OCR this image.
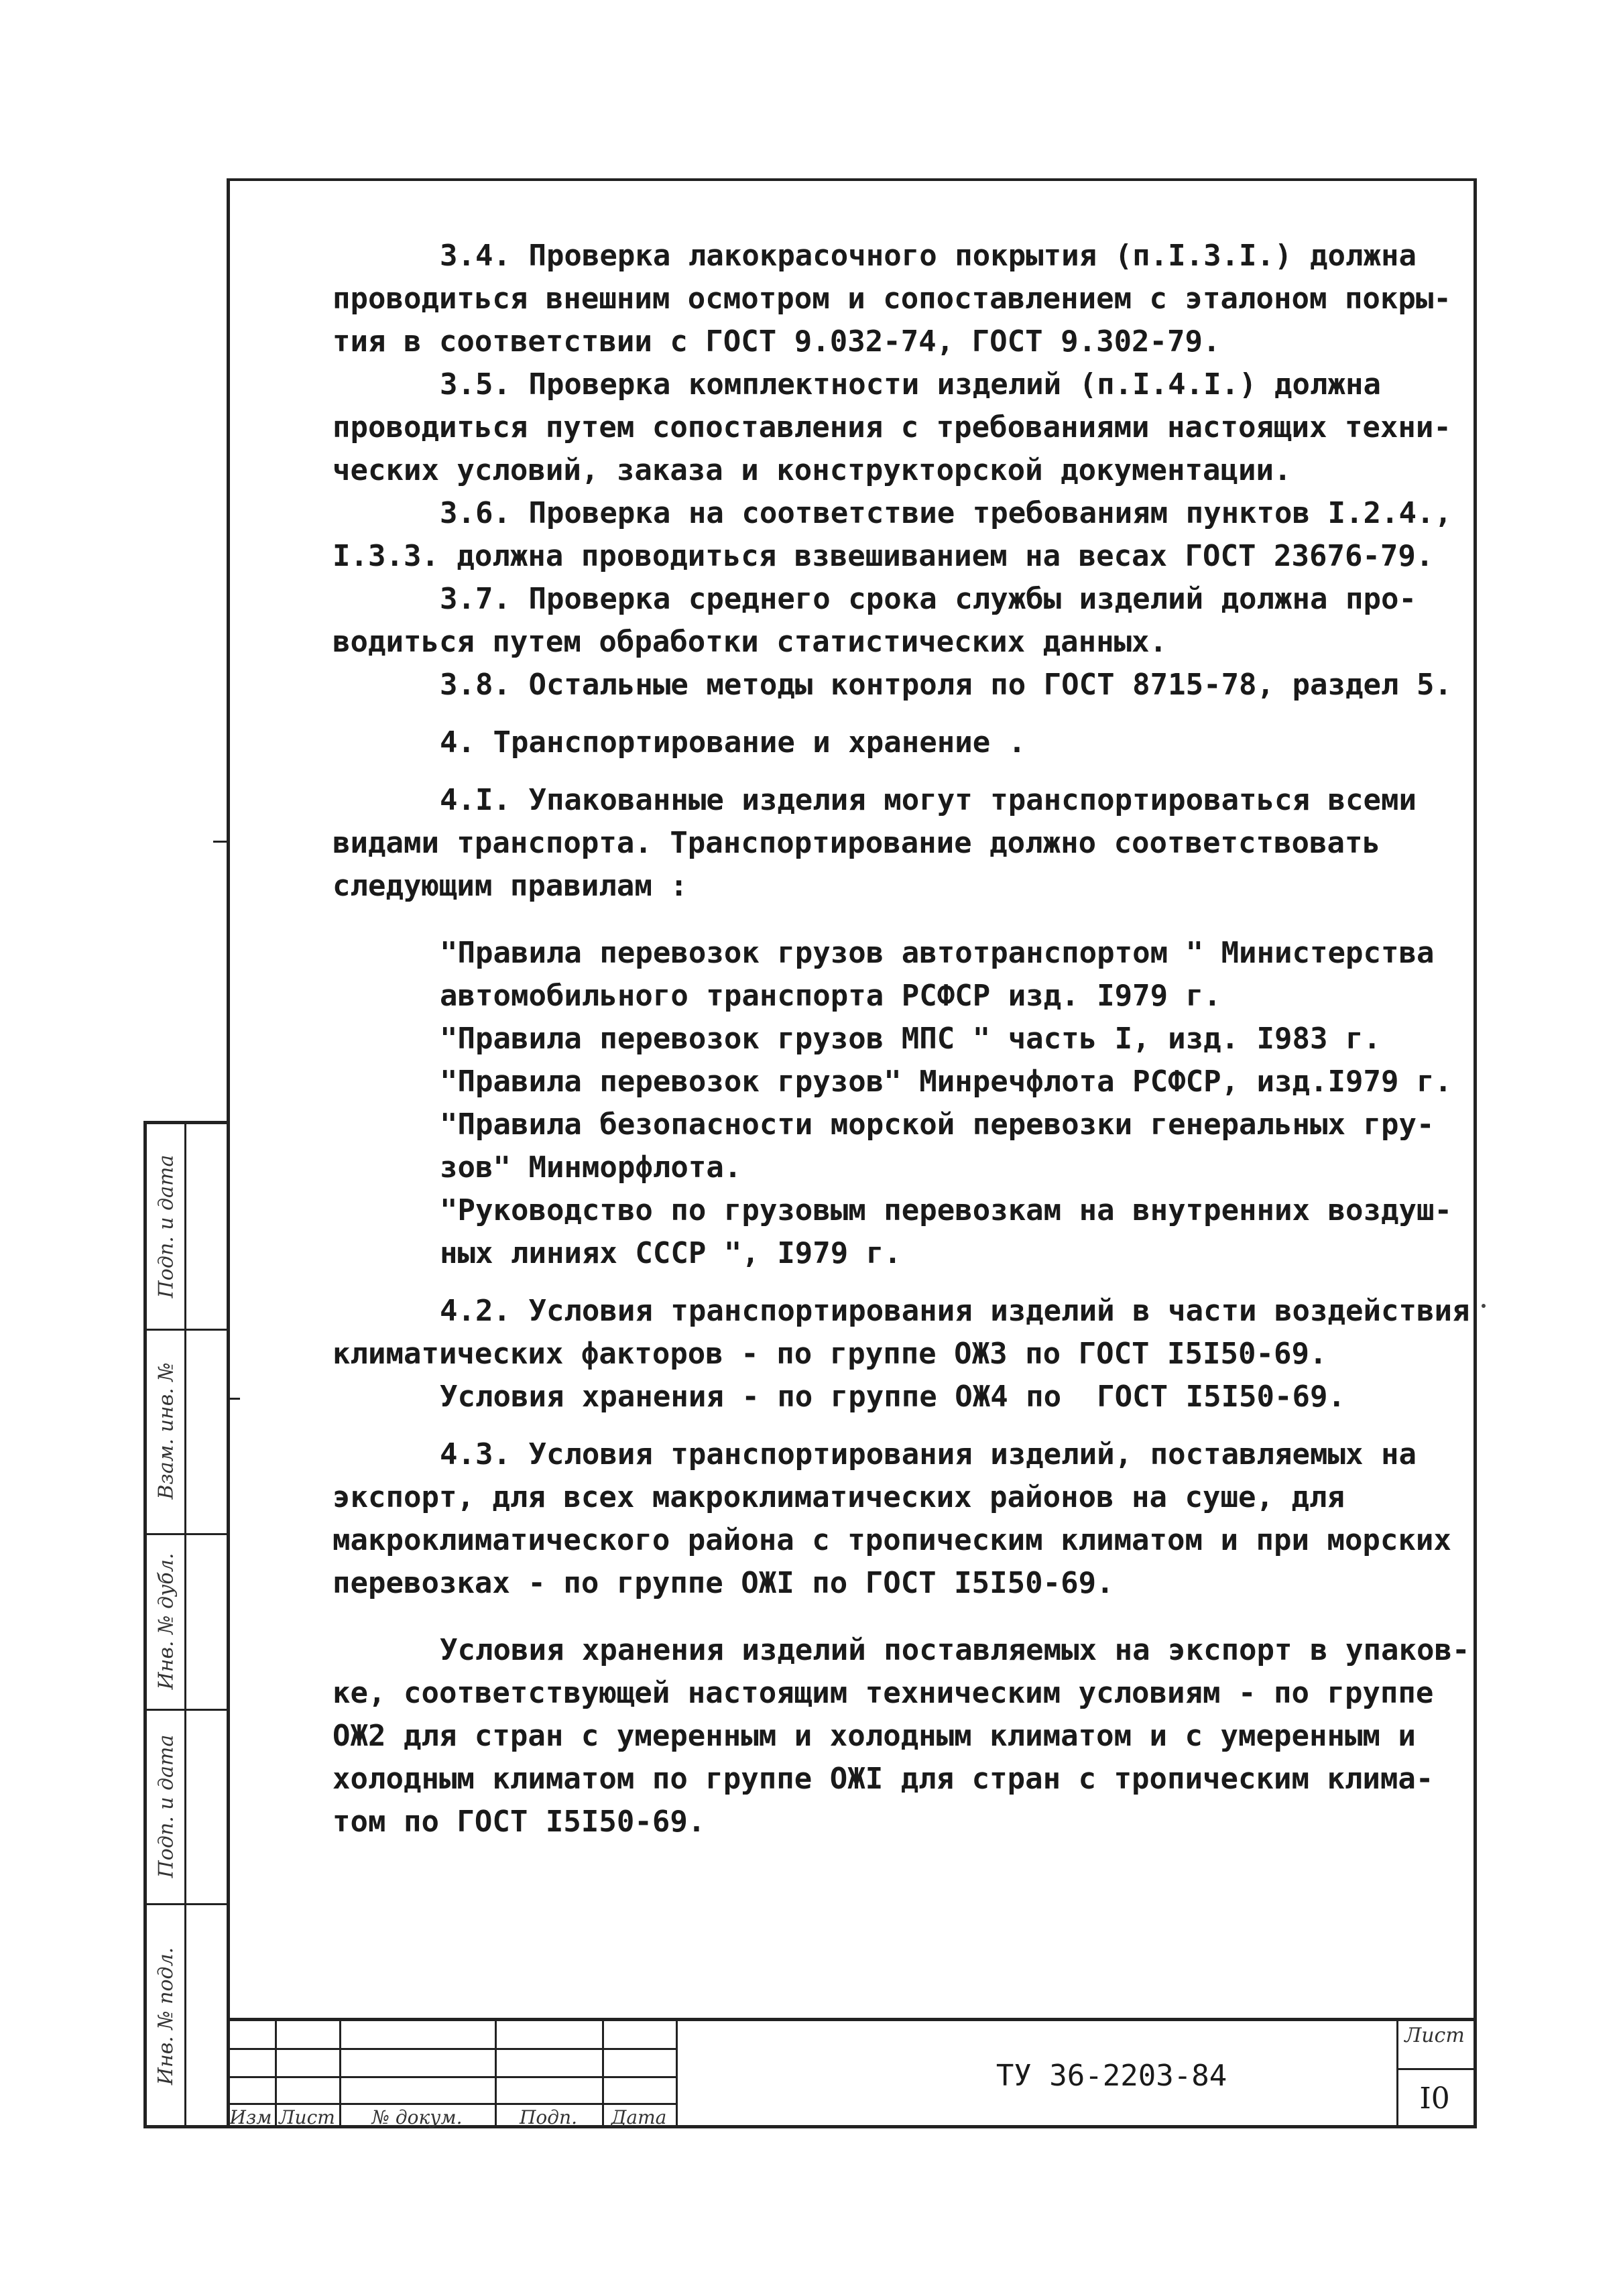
3.4. Проверка лакокрасочного покрытия (п.І.3.І.) должна

проводиться внешним осмотром и сопоставлением с эталоном покры-

тия в соответствии с ГОСТ 9.032-74, ГОСТ 9.302-79.

3.5. Проверка комплектности изделий (п.І.4.І.) должна

проводиться путем сопоставления с требованиями настоящих техни-

ческих условий, заказа и конструкторской документации.

3.6. Проверка на соответствие требованиям пунктов І.2.4.,

І.3.3. должна проводиться взвешиванием на весах ГОСТ 23676-79.

3.7. Проверка среднего срока службы изделий должна про-

водиться путем обработки статистических данных.

3.8. Остальные методы контроля по ГОСТ 8715-78, раздел 5.

4. Транспортирование и хранение .

4.І. Упакованные изделия могут транспортироваться всеми

видами транспорта. Транспортирование должно соответствовать

следующим правилам :

"Правила перевозок грузов автотранспортом " Министерства

автомобильного транспорта РСФСР изд. І979 г.

"Правила перевозок грузов МПС " часть І, изд. І983 г.

"Правила перевозок грузов" Минречфлота РСФСР, изд.І979 г.

"Правила безопасности морской перевозки генеральных гру-

зов" Минморфлота.

"Руководство по грузовым перевозкам на внутренних воздуш-

ных линиях СССР ", І979 г.

4.2. Условия транспортирования изделий в части воздействия

климатических факторов - по группе ОЖЗ по ГОСТ І5І50-69.

Условия хранения - по группе ОЖ4 по  ГОСТ І5І50-69.

4.3. Условия транспортирования изделий, поставляемых на

экспорт, для всех макроклиматических районов на суше, для

макроклиматического района с тропическим климатом и при морских

перевозках - по группе ОЖІ по ГОСТ І5І50-69.

Условия хранения изделий поставляемых на экспорт в упаков-

ке, соответствующей настоящим техническим условиям - по группе

ОЖ2 для стран с умеренным и холодным климатом и с умеренным и

холодным климатом по группе ОЖІ для стран с тропическим клима-

том по ГОСТ І5І50-69.

Подп. и дата
Взам. инв. №
Инв. № дубл.
Подп. и дата
Инв. № подл.
Изм Лист	№ докум.	Подп.	Дата
ТУ 36-2203-84
Лист
I0
